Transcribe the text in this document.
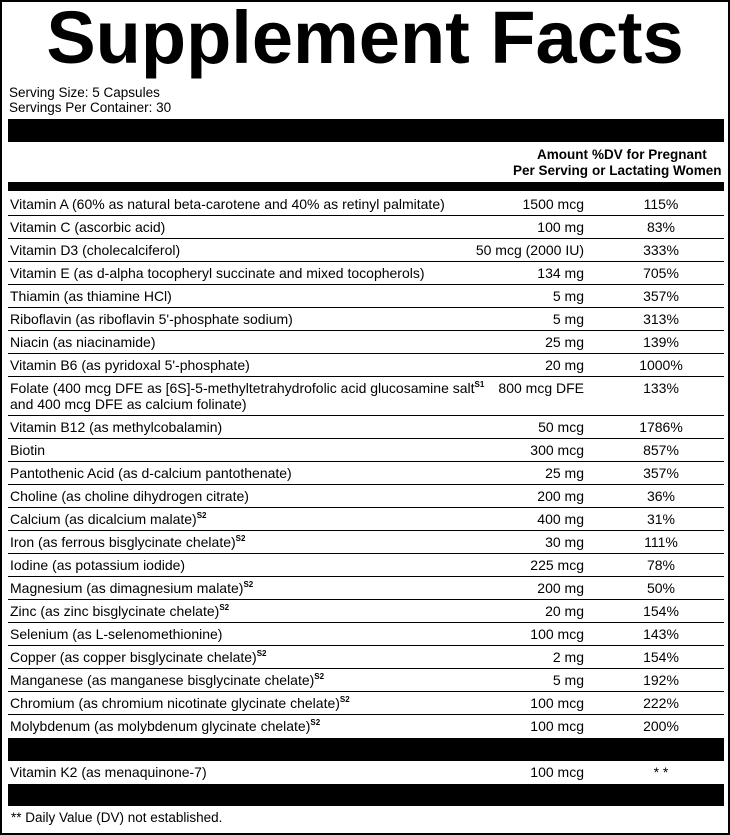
Supplement Facts
Serving Size: 5 Capsules
Servings Per Container: 30
Amount
Per Serving
%DV for Pregnant
or Lactating Women
Vitamin A (60% as natural beta-carotene and 40% as retinyl palmitate)	1500 mcg	115%
Vitamin C (ascorbic acid)	100 mg	83%
Vitamin D3 (cholecalciferol)	50 mcg (2000 IU)	333%
Vitamin E (as d-alpha tocopheryl succinate and mixed tocopherols)	134 mg	705%
Thiamin (as thiamine HCl)	5 mg	357%
Riboflavin (as riboflavin 5'-phosphate sodium)	5 mg	313%
Niacin (as niacinamide)	25 mg	139%
Vitamin B6 (as pyridoxal 5'-phosphate)	20 mg	1000%
Folate (400 mcg DFE as [6S]-5-methyltetrahydrofolic acid glucosamine salt$^{S1}$
and 400 mcg DFE as calcium folinate)
800 mcg DFE	133%
Vitamin B12 (as methylcobalamin)	50 mcg	1786%
Biotin	300 mcg	857%
Pantothenic Acid (as d-calcium pantothenate)	25 mg	357%
Choline (as choline dihydrogen citrate)	200 mg	36%
Calcium (as dicalcium malate)$^{S2}$	400 mg	31%
Iron (as ferrous bisglycinate chelate)$^{S2}$	30 mg	111%
Iodine (as potassium iodide)	225 mcg	78%
Magnesium (as dimagnesium malate)$^{S2}$	200 mg	50%
Zinc (as zinc bisglycinate chelate)$^{S2}$	20 mg	154%
Selenium (as L-selenomethionine)	100 mcg	143%
Copper (as copper bisglycinate chelate)$^{S2}$	2 mg	154%
Manganese (as manganese bisglycinate chelate)$^{S2}$	5 mg	192%
Chromium (as chromium nicotinate glycinate chelate)$^{S2}$	100 mcg	222%
Molybdenum (as molybdenum glycinate chelate)$^{S2}$	100 mcg	200%
Vitamin K2 (as menaquinone-7)	100 mcg	* *
** Daily Value (DV) not established.
